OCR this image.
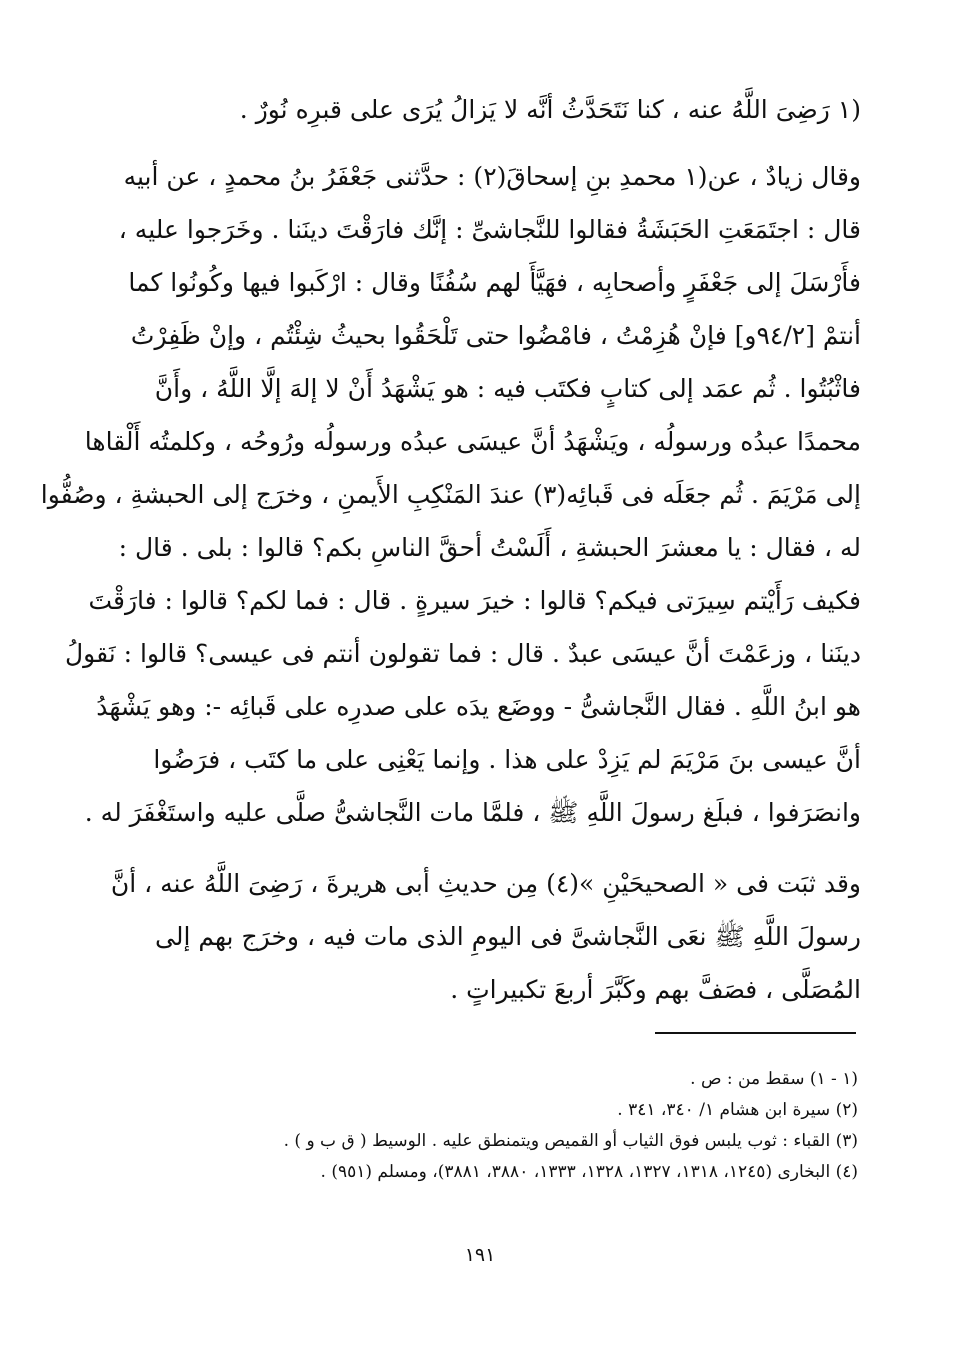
(١ رَضِىَ اللَّهُ عنه ، كنا نَتَحَدَّثُ أنَّه لا يَزالُ يُرَى على قبرِه نُورٌ .
وقال زيادٌ ، عن(١ محمدِ بنِ إسحاقَ(٢) : حدَّثنى جَعْفَرُ بنُ محمدٍ ، عن أبيه
قال : اجتَمَعَتِ الحَبَشَةُ فقالوا للنَّجاشىِّ : إنَّك فارَقْتَ دينَنا . وخَرَجوا عليه ،
فأَرْسَلَ إلى جَعْفَرٍ وأصحابِه ، فهَيَّأَ لهم سُفُنًا وقال : ارْكَبوا فيها وكُونُوا كما
أنتمْ [٩٤/٢و] فإنْ هُزِمْتُ ، فامْضُوا حتى تَلْحَقُوا بحيثُ شِئْتُم ، وإنْ ظَفِرْتُ
فاثْبُتُوا . ثُم عمَد إلى كتابٍ فكتَب فيه : هو يَشْهَدُ أَنْ لا إلهَ إلَّا اللَّهُ ، وأَنَّ
محمدًا عبدُه ورسولُه ، ويَشْهَدُ أنَّ عيسَى عبدُه ورسولُه ورُوحُه ، وكلمتُه أَلْقاها
إلى مَرْيَمَ . ثُم جعَلَه فى قَبائِه(٣) عندَ المَنْكِبِ الأَيمنِ ، وخرَج إلى الحبشةِ ، وصُفُّوا
له ، فقال : يا معشرَ الحبشةِ ، أَلَسْتُ أحقَّ الناسِ بكم؟ قالوا : بلى . قال :
فكيف رَأَيْتم سِيرَتى فيكم؟ قالوا : خيرَ سيرةٍ . قال : فما لكم؟ قالوا : فارَقْتَ
دينَنا ، وزعَمْتَ أنَّ عيسَى عبدٌ . قال : فما تقولون أنتم فى عيسى؟ قالوا : نَقولُ
هو ابنُ اللَّهِ . فقال النَّجاشىُّ - ووضَع يدَه على صدرِه على قَبائِه -: وهو يَشْهَدُ
أنَّ عيسى بنَ مَرْيَمَ لم يَزِدْ على هذا . وإنما يَعْنِى على ما كتَب ، فرَضُوا
وانصَرَفوا ، فبلَغ رسولَ اللَّهِ ﷺ ، فلمَّا مات النَّجاشىُّ صلَّى عليه واستَغْفَرَ له .
وقد ثبَت فى « الصحيحَيْنِ »(٤) مِن حديثِ أبى هريرةَ ، رَضِىَ اللَّهُ عنه ، أنَّ
رسولَ اللَّهِ ﷺ نعَى النَّجاشىَّ فى اليومِ الذى مات فيه ، وخرَج بهم إلى
المُصَلَّى ، فصَفَّ بهم وكَبَّرَ أربعَ تكبيراتٍ .
(١ - ١) سقط من : ص .
(٢) سيرة ابن هشام ١/ ٣٤٠، ٣٤١ .
(٣) القباء : ثوب يلبس فوق الثياب أو القميص ويتمنطق عليه . الوسيط ( ق ب و ) .
(٤) البخارى (١٢٤٥، ١٣١٨، ١٣٢٧، ١٣٢٨، ١٣٣٣، ٣٨٨٠، ٣٨٨١)، ومسلم (٩٥١) .
١٩١
